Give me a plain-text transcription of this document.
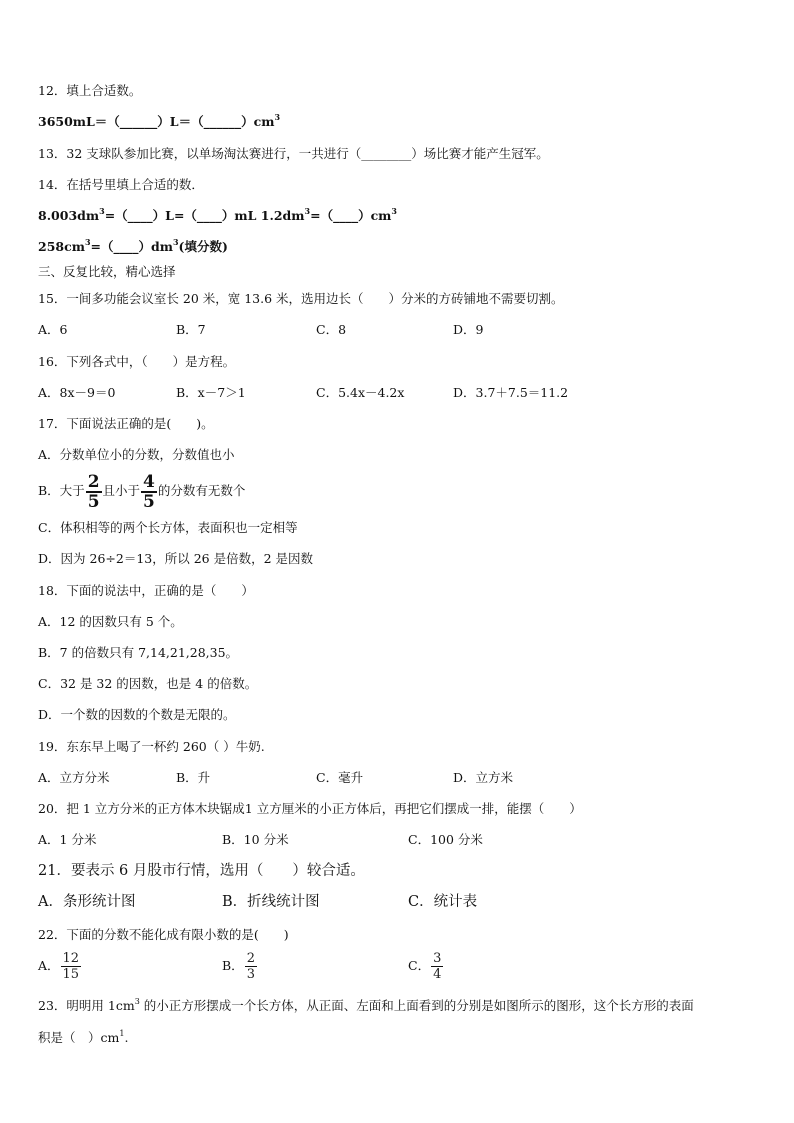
12．填上合适数。
$3650mL=(\_\_\_\_\_\_)L=(\_\_\_\_\_\_)cm^3$
13．32 支球队参加比赛，以单场淘汰赛进行，一共进行（________）场比赛才能产生冠军。
14．在括号里填上合适的数．
$8.003dm^3=(\_\_\_\_)L=(\_\_\_\_)mL$ $1.2dm^3=(\_\_\_\_)cm^3$
$258cm^3=(\_\_\_\_)dm^3$(填分数)
三、反复比较，精心选择
15．一间多功能会议室长 20 米，宽 13.6 米，选用边长（　　）分米的方砖铺地不需要切割。
A．6	B．7	C．8	D．9
16．下列各式中，（　　）是方程。
A．8x－9＝0	B．x－7＞1	C．5.4x－4.2x	D．3.7＋7.5＝11.2
17．下面说法正确的是(　　)。
A．分数单位小的分数，分数值也小
B．大于 $\frac{2}{5}$ 且小于 $\frac{4}{5}$ 的分数有无数个
C．体积相等的两个长方体，表面积也一定相等
D．因为 26÷2＝13，所以 26 是倍数，2 是因数
18．下面的说法中，正确的是（　　）
A．12 的因数只有 5 个。
B．7 的倍数只有 7,14,21,28,35。
C．32 是 32 的因数，也是 4 的倍数。
D．一个数的因数的个数是无限的。
19．东东早上喝了一杯约 260（ ）牛奶.
A．立方分米	B．升	C．毫升	D．立方米
20．把 1 立方分米的正方体木块锯成1 立方厘米的小正方体后，再把它们摆成一排，能摆（　　）
A．1 分米	B．10 分米	C．100 分米
21．要表示 6 月股市行情，选用（　　）较合适。
A．条形统计图	B．折线统计图	C．统计表
22．下面的分数不能化成有限小数的是(　　)
A． $\frac{12}{15}$	B． $\frac{2}{3}$	C． $\frac{3}{4}$
23．明明用 $1cm^3$ 的小正方形摆成一个长方体，从正面、左面和上面看到的分别是如图所示的图形，这个长方形的表面
积是（　）$cm^1$.
